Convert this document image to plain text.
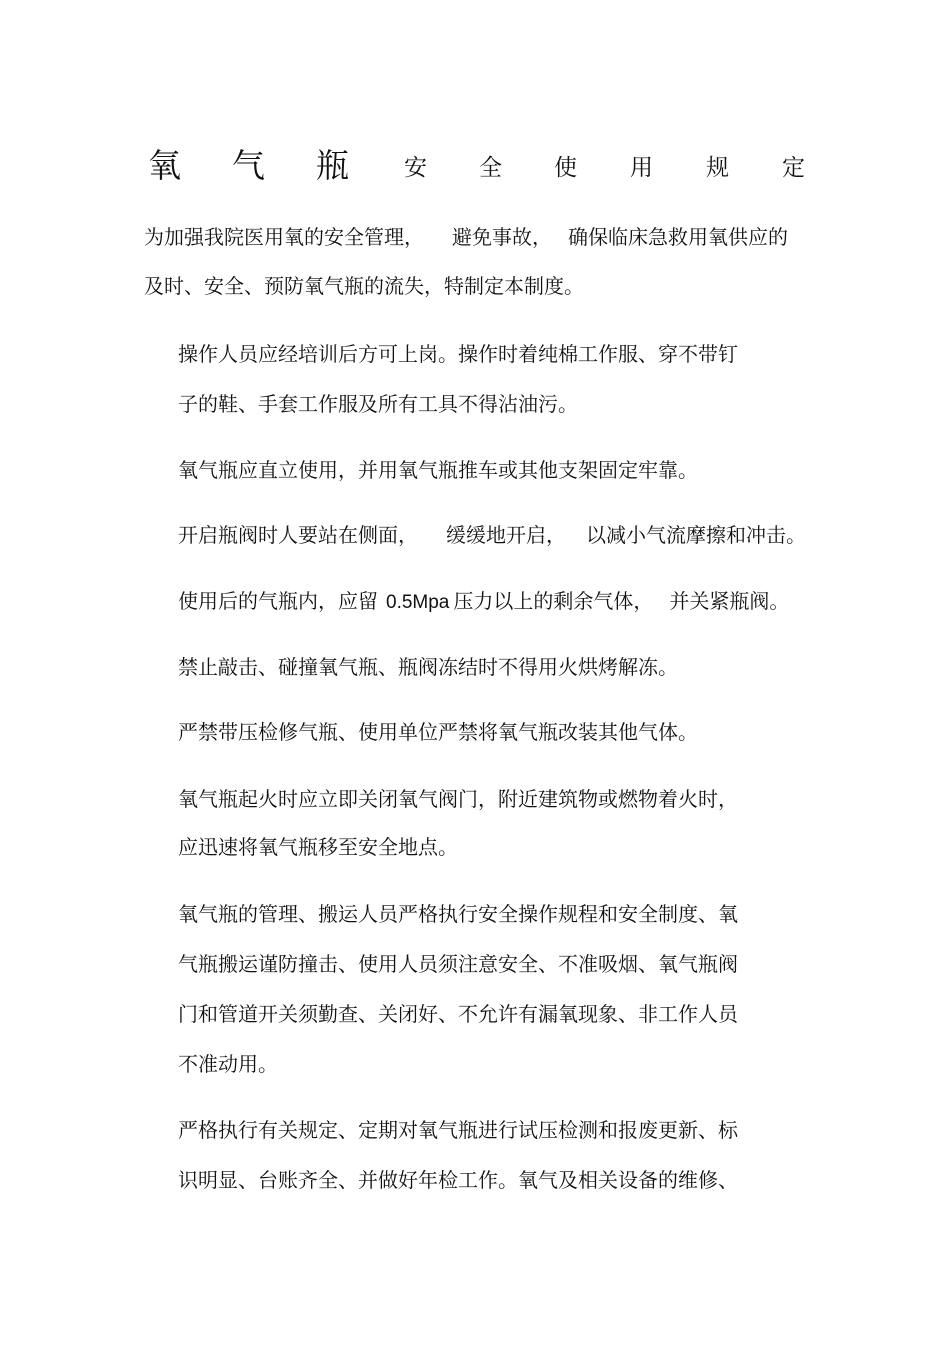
氧 气 瓶 安 全 使 用 规 定
为加强我院医用氧的安全管理， 避免事故， 确保临床急救用氧供应的
及时、安全、预防氧气瓶的流失，特制定本制度。
操作人员应经培训后方可上岗。操作时着纯棉工作服、穿不带钉
子的鞋、手套工作服及所有工具不得沾油污。
氧气瓶应直立使用，并用氧气瓶推车或其他支架固定牢靠。
开启瓶阀时人要站在侧面， 缓缓地开启， 以减小气流摩擦和冲击。
使用后的气瓶内，应留 0.5Mpa 压力以上的剩余气体， 并关紧瓶阀。
禁止敲击、碰撞氧气瓶、瓶阀冻结时不得用火烘烤解冻。
严禁带压检修气瓶、使用单位严禁将氧气瓶改装其他气体。
氧气瓶起火时应立即关闭氧气阀门，附近建筑物或燃物着火时，
应迅速将氧气瓶移至安全地点。
氧气瓶的管理、搬运人员严格执行安全操作规程和安全制度、氧
气瓶搬运谨防撞击、使用人员须注意安全、不准吸烟、氧气瓶阀
门和管道开关须勤查、关闭好、不允许有漏氧现象、非工作人员
不准动用。
严格执行有关规定、定期对氧气瓶进行试压检测和报废更新、标
识明显、台账齐全、并做好年检工作。氧气及相关设备的维修、
